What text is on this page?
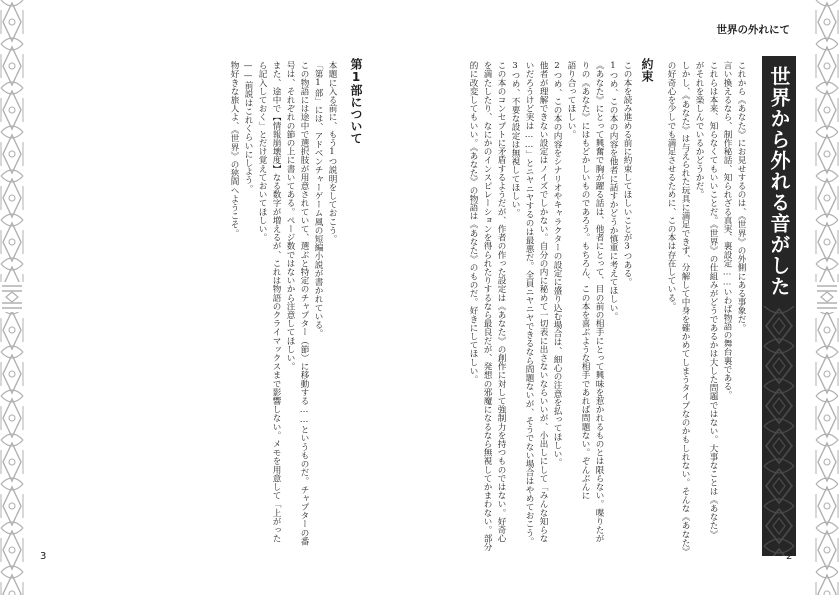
第1部について
本題に入る前に、もう1つ説明をしておこう。
「第1部」には、アドベンチャーゲーム風の短編小説が書かれている。
この物語には途中で選択肢が用意されていて、選ぶと特定のチャプター（節）に移動する……というものだ。チャプターの番
号は、それぞれの節の上に書いてある。ページ数ではないから注意してほしい。
また、途中で【情報崩壊度】なる数字が増えるが、これは物語のクライマックスまで影響しない。メモを用意して「上がった
ら記入しておく」とだけ覚えておいてほしい。
——前説はこれくらいにしよう。
物好きな旅人よ、《世界》の狭間へようこそ。
3
世界の外れにて
世界から外れる音がした
これから《あなた》にお見せするのは、《世界》の外側にある事象だ。
言い換えるなら、制作秘話、知られざる真実、裏設定……いわば物語の舞台裏である。
これらは本来、知らなくてもいいことだ。《世界》の仕組みがどうであるかは大した問題ではない。大事なことは《あなた》
がそれを楽しんでいるかどうかだ。
しかし、《あなた》は与えられた玩具に満足できず、分解して中身を確かめてしまうタイプなのかもしれない。そんな《あなた》
の好奇心を少しでも満足させるために、この本は存在している。
約束
この本を読み進める前に約束してほしいことが3つある。
1つめ、この本の内容を他者に話すかどうか慎重に考えてほしい。
《あなた》にとって興奮で胸が躍る話は、他者にとって、目の前の相手にとって興味を惹かれるものとは限らない。喋りたが
りの《あなた》にはもどかしいものであろう。もちろん、この本を喜ぶような相手であれば問題ない。ぞんぶんに
語り合ってほしい。
2つめ、この本の内容をシナリオやキャラクターの設定に盛り込む場合は、細心の注意を払ってほしい。
他者が理解できない設定はノイズでしかない。自分の内に秘めて一切表に出さないならいいが、小出しにして「みんな知らな
いだろうけど実は……」とニヤニヤするのは最悪だ。全員ニヤニヤできるなら問題ないが、そうでない場合はやめておこう。
3つめ、不要な設定は無視してほしい。
この本のコンセプトに矛盾するようだが、作者の作った設定は《あなた》の創作に対して強制力を持つものではない。好奇心
を満たしたり、なにかのインスピレーションを得られたりするなら最良だが、発想の邪魔になるなら無視してかまわない。部分
的に改変してもいい。《あなた》の物語は《あなた》のものだ。好きにしてほしい。
2
